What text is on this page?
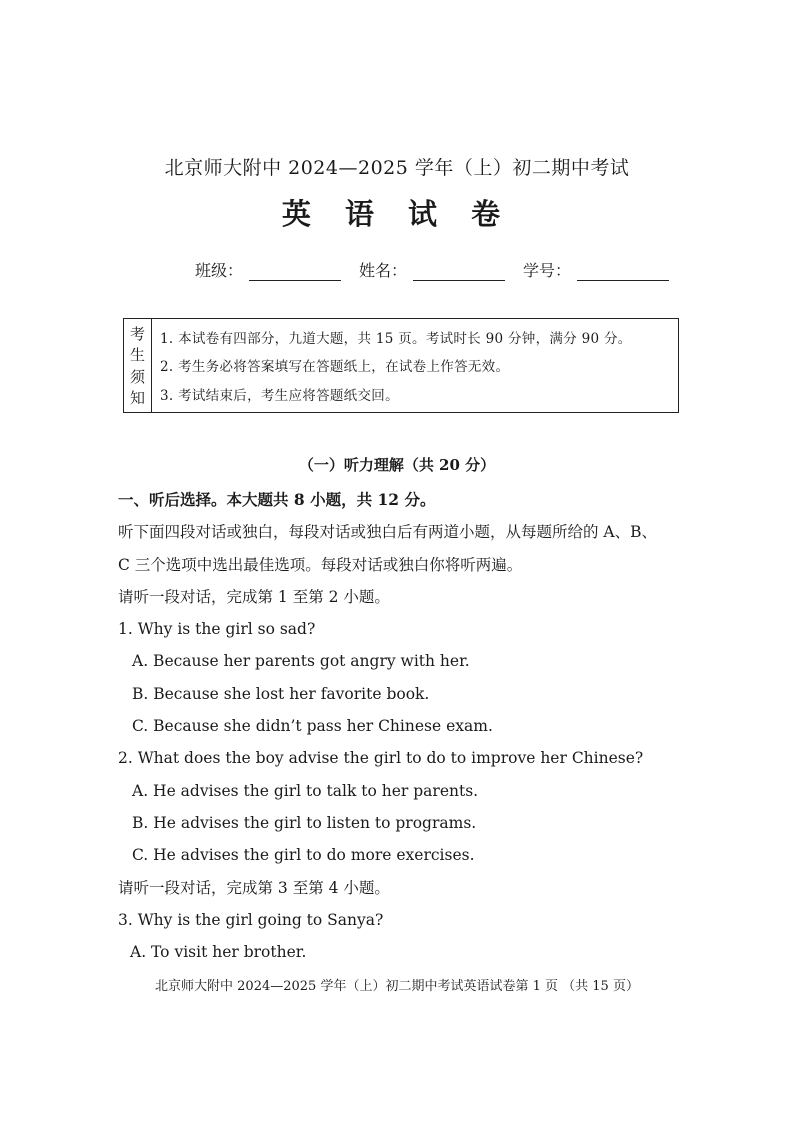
北京师大附中 2024—2025 学年（上）初二期中考试
英 语 试 卷
班级：	姓名：	学号：
考
生
须
知
1. 本试卷有四部分，九道大题，共 15 页。考试时长 90 分钟，满分 90 分。
2. 考生务必将答案填写在答题纸上，在试卷上作答无效。
3. 考试结束后，考生应将答题纸交回。
（一）听力理解（共 20 分）
一、听后选择。本大题共 8 小题，共 12 分。
听下面四段对话或独白，每段对话或独白后有两道小题，从每题所给的 A、B、
C 三个选项中选出最佳选项。每段对话或独白你将听两遍。
请听一段对话，完成第 1 至第 2 小题。
1. Why is the girl so sad?
A. Because her parents got angry with her.
B. Because she lost her favorite book.
C. Because she didn’t pass her Chinese exam.
2. What does the boy advise the girl to do to improve her Chinese?
A. He advises the girl to talk to her parents.
B. He advises the girl to listen to programs.
C. He advises the girl to do more exercises.
请听一段对话，完成第 3 至第 4 小题。
3. Why is the girl going to Sanya?
A. To visit her brother.
北京师大附中 2024—2025 学年（上）初二期中考试英语试卷第 1 页 （共 15 页）
